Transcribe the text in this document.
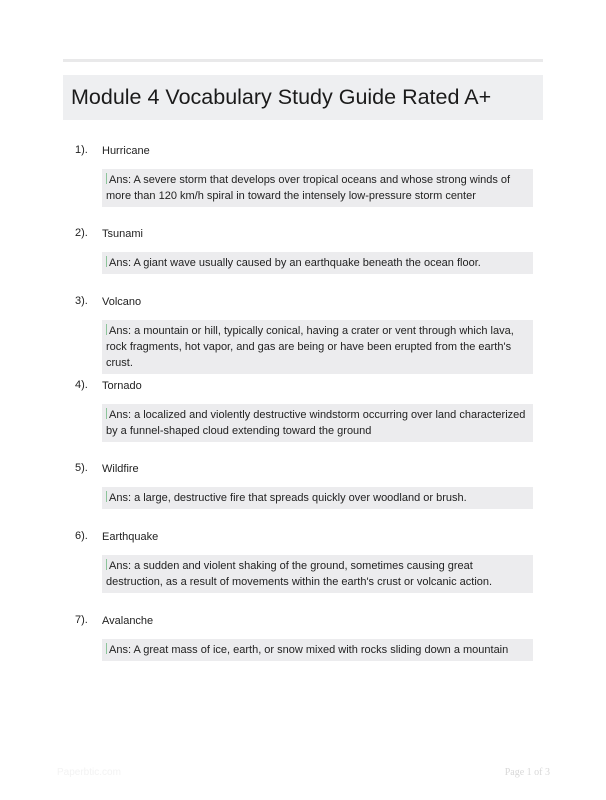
Module 4 Vocabulary Study Guide Rated A+
1). Hurricane
Ans: A severe storm that develops over tropical oceans and whose strong winds of more than 120 km/h spiral in toward the intensely low-pressure storm center
2). Tsunami
Ans: A giant wave usually caused by an earthquake beneath the ocean floor.
3). Volcano
Ans: a mountain or hill, typically conical, having a crater or vent through which lava, rock fragments, hot vapor, and gas are being or have been erupted from the earth's crust.
4). Tornado
Ans: a localized and violently destructive windstorm occurring over land characterized by a funnel-shaped cloud extending toward the ground
5). Wildfire
Ans: a large, destructive fire that spreads quickly over woodland or brush.
6). Earthquake
Ans: a sudden and violent shaking of the ground, sometimes causing great destruction, as a result of movements within the earth's crust or volcanic action.
7). Avalanche
Ans: A great mass of ice, earth, or snow mixed with rocks sliding down a mountain
Paperbtic.com	Page 1 of 3
